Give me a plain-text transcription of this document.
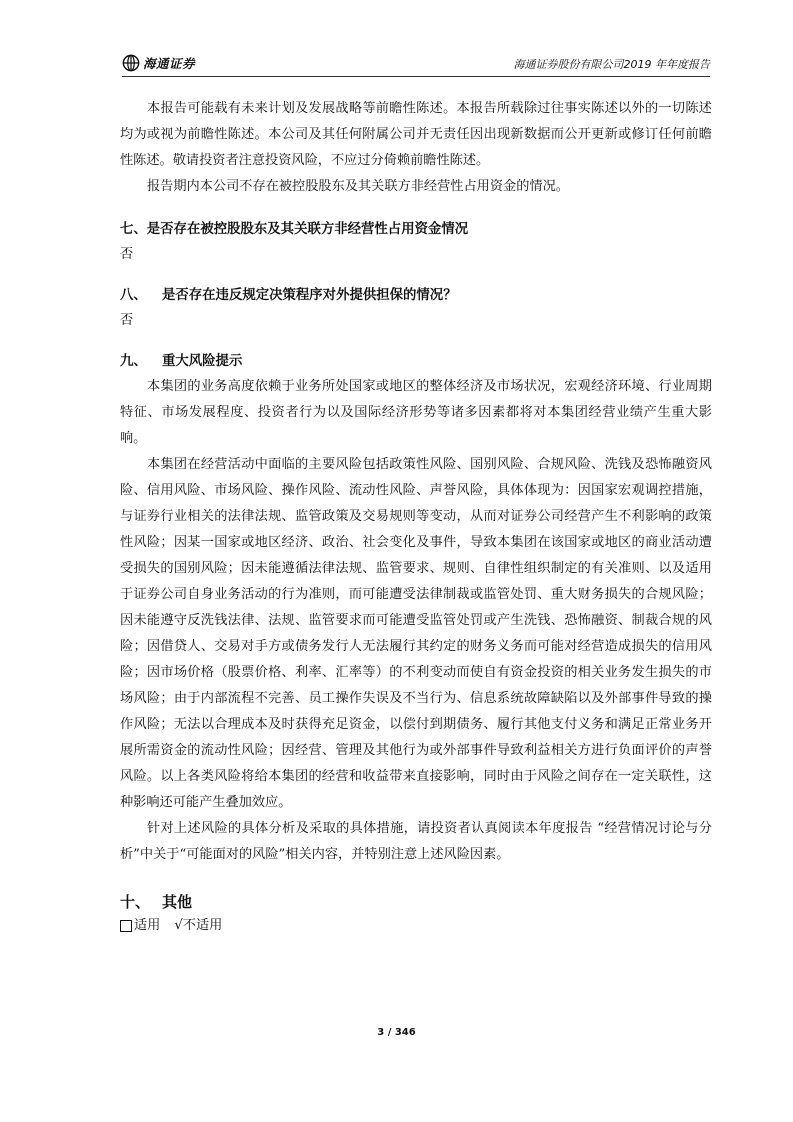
海通证券	海通证券股份有限公司2019 年年度报告

本报告可能载有未来计划及发展战略等前瞻性陈述。本报告所载除过往事实陈述以外的一切陈述均为或视为前瞻性陈述。本公司及其任何附属公司并无责任因出现新数据而公开更新或修订任何前瞻性陈述。敬请投资者注意投资风险，不应过分倚赖前瞻性陈述。

报告期内本公司不存在被控股股东及其关联方非经营性占用资金的情况。

七、是否存在被控股股东及其关联方非经营性占用资金情况

否

八、 是否存在违反规定决策程序对外提供担保的情况？

否

九、 重大风险提示

本集团的业务高度依赖于业务所处国家或地区的整体经济及市场状况，宏观经济环境、行业周期特征、市场发展程度、投资者行为以及国际经济形势等诸多因素都将对本集团经营业绩产生重大影响。

本集团在经营活动中面临的主要风险包括政策性风险、国别风险、合规风险、洗钱及恐怖融资风险、信用风险、市场风险、操作风险、流动性风险、声誉风险，具体体现为：因国家宏观调控措施，与证券行业相关的法律法规、监管政策及交易规则等变动，从而对证券公司经营产生不利影响的政策性风险；因某一国家或地区经济、政治、社会变化及事件，导致本集团在该国家或地区的商业活动遭受损失的国别风险；因未能遵循法律法规、监管要求、规则、自律性组织制定的有关准则、以及适用于证券公司自身业务活动的行为准则，而可能遭受法律制裁或监管处罚、重大财务损失的合规风险；因未能遵守反洗钱法律、法规、监管要求而可能遭受监管处罚或产生洗钱、恐怖融资、制裁合规的风险；因借贷人、交易对手方或债务发行人无法履行其约定的财务义务而可能对经营造成损失的信用风险；因市场价格（股票价格、利率、汇率等）的不利变动而使自有资金投资的相关业务发生损失的市场风险；由于内部流程不完善、员工操作失误及不当行为、信息系统故障缺陷以及外部事件导致的操作风险；无法以合理成本及时获得充足资金，以偿付到期债务、履行其他支付义务和满足正常业务开展所需资金的流动性风险；因经营、管理及其他行为或外部事件导致利益相关方进行负面评价的声誉风险。以上各类风险将给本集团的经营和收益带来直接影响，同时由于风险之间存在一定关联性，这种影响还可能产生叠加效应。

针对上述风险的具体分析及采取的具体措施，请投资者认真阅读本年度报告 “经营情况讨论与分析”中关于“可能面对的风险”相关内容，并特别注意上述风险因素。

十、 其他
适用 √不适用
3 / 346
